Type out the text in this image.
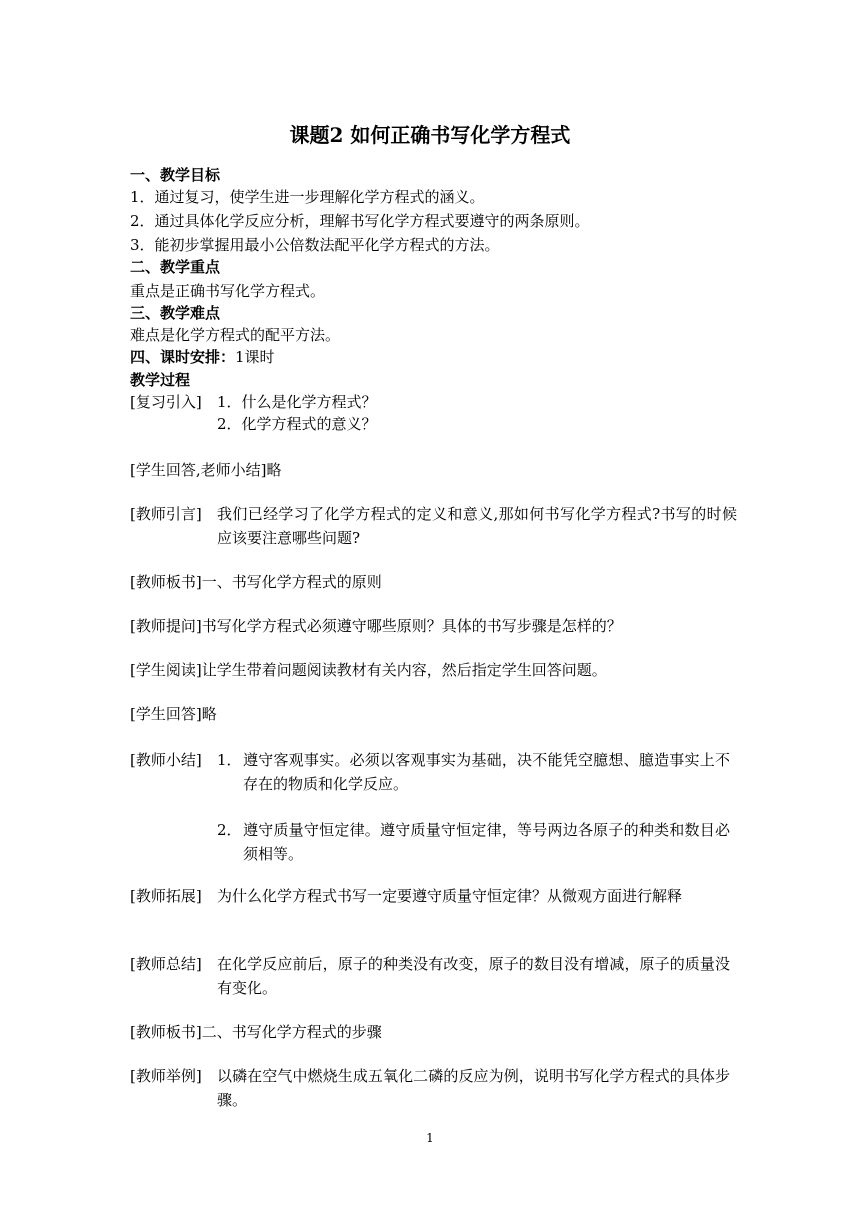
课题2 如何正确书写化学方程式
一、教学目标
1．通过复习，使学生进一步理解化学方程式的涵义。
2．通过具体化学反应分析，理解书写化学方程式要遵守的两条原则。
3．能初步掌握用最小公倍数法配平化学方程式的方法。
二、教学重点
重点是正确书写化学方程式。
三、教学难点
难点是化学方程式的配平方法。
四、课时安排：1课时
教学过程
[复习引入] 1．什么是化学方程式？
2．化学方程式的意义？
[学生回答,老师小结]略
[教师引言] 我们已经学习了化学方程式的定义和意义,那如何书写化学方程式?书写的时候应该要注意哪些问题?
[教师板书]一、书写化学方程式的原则
[教师提问]书写化学方程式必须遵守哪些原则？具体的书写步骤是怎样的？
[学生阅读]让学生带着问题阅读教材有关内容，然后指定学生回答问题。
[学生回答]略
[教师小结] 1． 遵守客观事实。必须以客观事实为基础，决不能凭空臆想、臆造事实上不存在的物质和化学反应。
2． 遵守质量守恒定律。遵守质量守恒定律，等号两边各原子的种类和数目必须相等。
[教师拓展] 为什么化学方程式书写一定要遵守质量守恒定律？从微观方面进行解释
[教师总结] 在化学反应前后，原子的种类没有改变，原子的数目没有增减，原子的质量没有变化。
[教师板书]二、书写化学方程式的步骤
[教师举例] 以磷在空气中燃烧生成五氧化二磷的反应为例，说明书写化学方程式的具体步骤。
1
